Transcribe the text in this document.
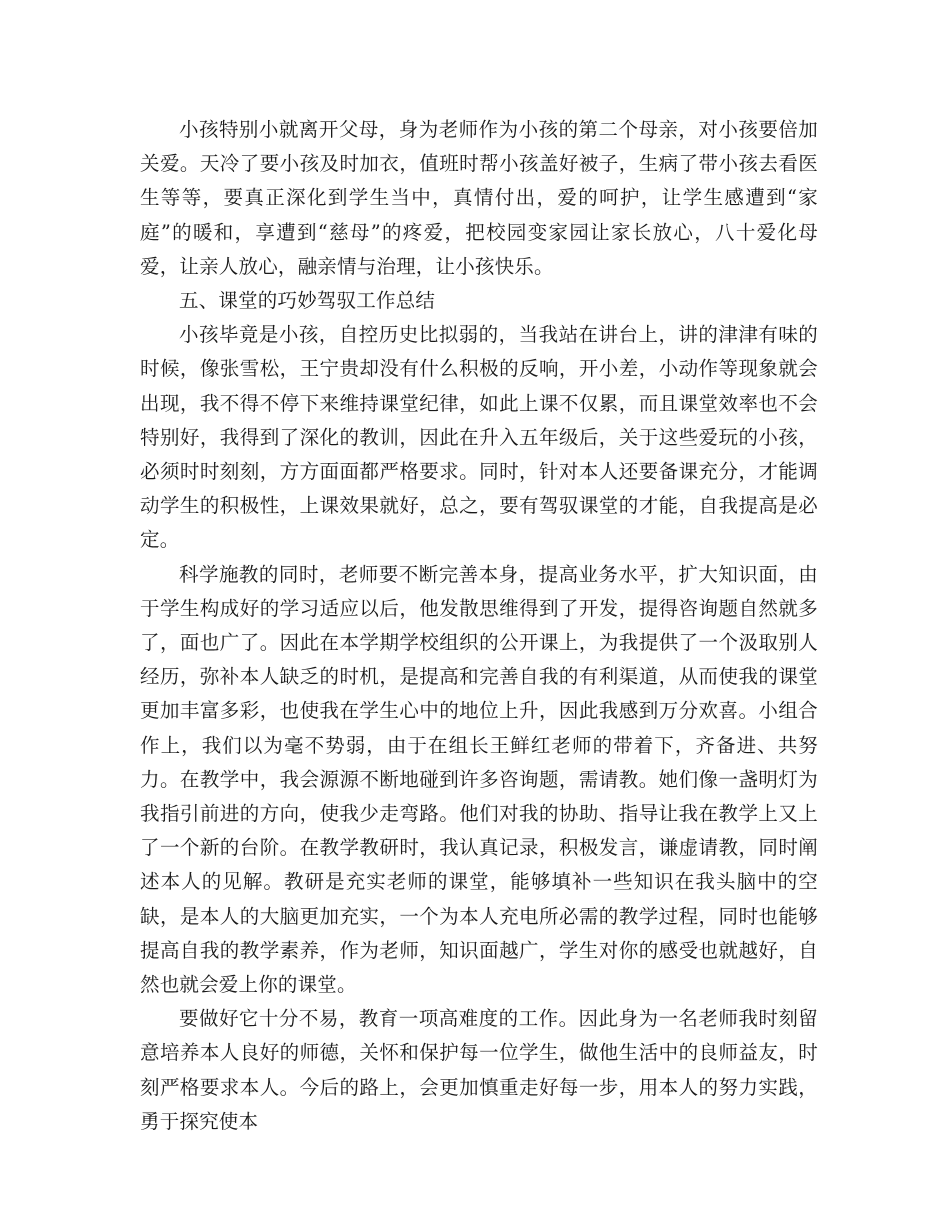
小孩特别小就离开父母，身为老师作为小孩的第二个母亲，对小孩要倍加关爱。天冷了要小孩及时加衣，值班时帮小孩盖好被子，生病了带小孩去看医生等等，要真正深化到学生当中，真情付出，爱的呵护，让学生感遭到“家庭”的暖和，享遭到“慈母”的疼爱，把校园变家园让家长放心，八十爱化母爱，让亲人放心，融亲情与治理，让小孩快乐。

五、课堂的巧妙驾驭工作总结

小孩毕竟是小孩，自控历史比拟弱的，当我站在讲台上，讲的津津有味的时候，像张雪松，王宁贵却没有什么积极的反响，开小差，小动作等现象就会出现，我不得不停下来维持课堂纪律，如此上课不仅累，而且课堂效率也不会特别好，我得到了深化的教训，因此在升入五年级后，关于这些爱玩的小孩，必须时时刻刻，方方面面都严格要求。同时，针对本人还要备课充分，才能调动学生的积极性，上课效果就好，总之，要有驾驭课堂的才能，自我提高是必定。

科学施教的同时，老师要不断完善本身，提高业务水平，扩大知识面，由于学生构成好的学习适应以后，他发散思维得到了开发，提得咨询题自然就多了，面也广了。因此在本学期学校组织的公开课上，为我提供了一个汲取别人经历，弥补本人缺乏的时机，是提高和完善自我的有利渠道，从而使我的课堂更加丰富多彩，也使我在学生心中的地位上升，因此我感到万分欢喜。小组合作上，我们以为毫不势弱，由于在组长王鲜红老师的带着下，齐备进、共努力。在教学中，我会源源不断地碰到许多咨询题，需请教。她们像一盏明灯为我指引前进的方向，使我少走弯路。他们对我的协助、指导让我在教学上又上了一个新的台阶。在教学教研时，我认真记录，积极发言，谦虚请教，同时阐述本人的见解。教研是充实老师的课堂，能够填补一些知识在我头脑中的空缺，是本人的大脑更加充实，一个为本人充电所必需的教学过程，同时也能够提高自我的教学素养，作为老师，知识面越广，学生对你的感受也就越好，自然也就会爱上你的课堂。

要做好它十分不易，教育一项高难度的工作。因此身为一名老师我时刻留意培养本人良好的师德，关怀和保护每一位学生，做他生活中的良师益友，时刻严格要求本人。今后的路上，会更加慎重走好每一步，用本人的努力实践，勇于探究使本
